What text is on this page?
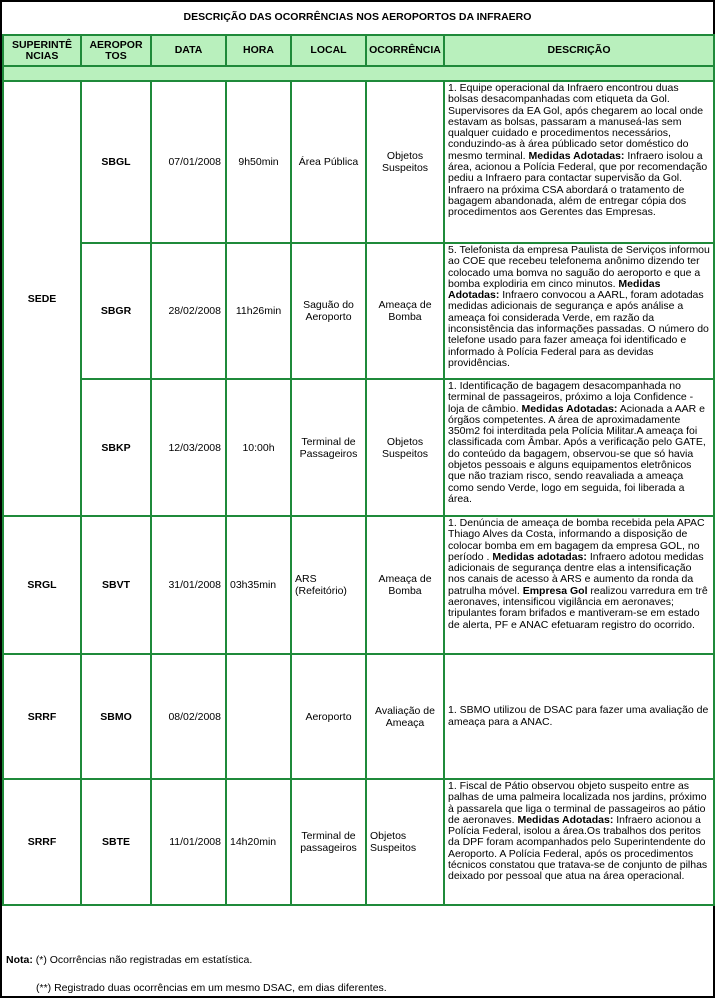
DESCRIÇÃO DAS OCORRÊNCIAS NOS AEROPORTOS DA INFRAERO
SUPERINTÊ NCIAS	AEROPOR TOS	DATA	HORA	LOCAL	OCORRÊNCIA	DESCRIÇÃO

SEDE	SBGL	07/01/2008	9h50min	Área Pública	Objetos Suspeitos	1. Equipe operacional da Infraero encontrou duas bolsas desacompanhadas com etiqueta da Gol. Supervisores da EA Gol, após chegarem ao local onde estavam as bolsas, passaram a manuseá-las sem qualquer cuidado e procedimentos necessários, conduzindo-as à área públicado setor doméstico do mesmo terminal. Medidas Adotadas: Infraero isolou a área, acionou a Polícia Federal, que por recomendação pediu a Infraero para contactar supervisão da Gol. Infraero na próxima CSA abordará o tratamento de bagagem abandonada, além de entregar cópia dos procedimentos aos Gerentes das Empresas.
	SBGR	28/02/2008	11h26min	Saguão do Aeroporto	Ameaça de Bomba	5. Telefonista da empresa Paulista de Serviços informou ao COE que recebeu telefonema anônimo dizendo ter colocado uma bomva no saguão do aeroporto e que a bomba explodiria em cinco minutos. Medidas Adotadas: Infraero convocou a AARL, foram adotadas medidas adicionais de segurança e após análise a ameaça foi considerada Verde, em razão da inconsistência das informações passadas. O número do telefone usado para fazer ameaça foi identificado e informado à Polícia Federal para as devidas providências.
	SBKP	12/03/2008	10:00h	Terminal de Passageiros	Objetos Suspeitos	1. Identificação de bagagem desacompanhada no terminal de passageiros, próximo a loja Confidence - loja de câmbio. Medidas Adotadas: Acionada a AAR e órgãos competentes. A área de aproximadamente 350m2 foi interditada pela Polícia Militar.A ameaça foi classificada com Âmbar. Após a verificação pelo GATE, do conteúdo da bagagem, observou-se que só havia objetos pessoais e alguns equipamentos eletrônicos que não traziam risco, sendo reavaliada a ameaça como sendo Verde, logo em seguida, foi liberada a área.
SRGL	SBVT	31/01/2008	03h35min	ARS (Refeitório)	Ameaça de Bomba	1. Denúncia de ameaça de bomba recebida pela APAC Thiago Alves da Costa, informando a disposição de colocar bomba em em bagagem da empresa GOL, no período . Medidas adotadas: Infraero adotou medidas adicionais de segurança dentre elas a intensificação nos canais de acesso à ARS e aumento da ronda da patrulha móvel. Empresa Gol realizou varredura em trê aeronaves, intensificou vigilância em aeronaves; tripulantes foram brifados e mantiveram-se em estado de alerta, PF e ANAC efetuaram registro do ocorrido.
SRRF	SBMO	08/02/2008		Aeroporto	Avaliação de Ameaça	1. SBMO utilizou de DSAC para fazer uma avaliação de ameaça para a ANAC.
SRRF	SBTE	11/01/2008	14h20min	Terminal de passageiros	Objetos Suspeitos	1. Fiscal de Pátio observou objeto suspeito entre as palhas de uma palmeira localizada nos jardins, próximo à passarela que liga o terminal de passageiros ao pátio de aeronaves. Medidas Adotadas: Infraero acionou a Polícia Federal, isolou a área.Os trabalhos dos peritos da DPF foram acompanhados pelo Superintendente do Aeroporto. A Polícia Federal, após os procedimentos técnicos constatou que tratava-se de conjunto de pilhas deixado por pessoal que atua na área operacional.
Nota: (*) Ocorrências não registradas em estatística.
(**) Registrado duas ocorrências em um mesmo DSAC, em dias diferentes.
